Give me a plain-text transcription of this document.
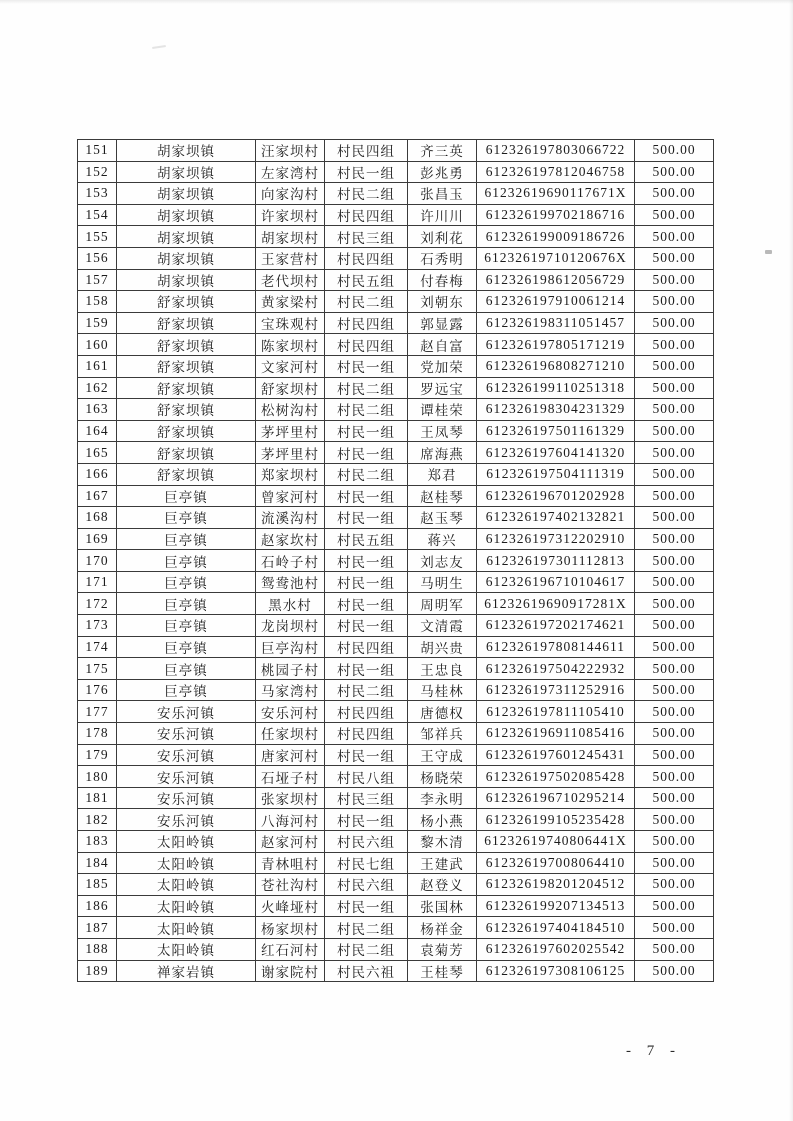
151	胡家坝镇	汪家坝村	村民四组	齐三英	612326197803066722	500.00
152	胡家坝镇	左家湾村	村民一组	彭兆勇	612326197812046758	500.00
153	胡家坝镇	向家沟村	村民二组	张昌玉	61232619690117671X	500.00
154	胡家坝镇	许家坝村	村民四组	许川川	612326199702186716	500.00
155	胡家坝镇	胡家坝村	村民三组	刘利花	612326199009186726	500.00
156	胡家坝镇	王家营村	村民四组	石秀明	61232619710120676X	500.00
157	胡家坝镇	老代坝村	村民五组	付春梅	612326198612056729	500.00
158	舒家坝镇	黄家梁村	村民二组	刘朝东	612326197910061214	500.00
159	舒家坝镇	宝珠观村	村民四组	郭显露	612326198311051457	500.00
160	舒家坝镇	陈家坝村	村民四组	赵自富	612326197805171219	500.00
161	舒家坝镇	文家河村	村民一组	党加荣	612326196808271210	500.00
162	舒家坝镇	舒家坝村	村民二组	罗远宝	612326199110251318	500.00
163	舒家坝镇	松树沟村	村民二组	谭桂荣	612326198304231329	500.00
164	舒家坝镇	茅坪里村	村民一组	王凤琴	612326197501161329	500.00
165	舒家坝镇	茅坪里村	村民一组	席海燕	612326197604141320	500.00
166	舒家坝镇	郑家坝村	村民二组	郑君	612326197504111319	500.00
167	巨亭镇	曾家河村	村民一组	赵桂琴	612326196701202928	500.00
168	巨亭镇	流溪沟村	村民一组	赵玉琴	612326197402132821	500.00
169	巨亭镇	赵家坎村	村民五组	蒋兴	612326197312202910	500.00
170	巨亭镇	石岭子村	村民一组	刘志友	612326197301112813	500.00
171	巨亭镇	鸳鸯池村	村民一组	马明生	612326196710104617	500.00
172	巨亭镇	黑水村	村民一组	周明军	61232619690917281X	500.00
173	巨亭镇	龙岗坝村	村民一组	文清霞	612326197202174621	500.00
174	巨亭镇	巨亭沟村	村民四组	胡兴贵	612326197808144611	500.00
175	巨亭镇	桃园子村	村民一组	王忠良	612326197504222932	500.00
176	巨亭镇	马家湾村	村民二组	马桂林	612326197311252916	500.00
177	安乐河镇	安乐河村	村民四组	唐德权	612326197811105410	500.00
178	安乐河镇	任家坝村	村民四组	邹祥兵	612326196911085416	500.00
179	安乐河镇	唐家河村	村民一组	王守成	612326197601245431	500.00
180	安乐河镇	石垭子村	村民八组	杨晓荣	612326197502085428	500.00
181	安乐河镇	张家坝村	村民三组	李永明	612326196710295214	500.00
182	安乐河镇	八海河村	村民一组	杨小燕	612326199105235428	500.00
183	太阳岭镇	赵家河村	村民六组	黎木清	61232619740806441X	500.00
184	太阳岭镇	青林咀村	村民七组	王建武	612326197008064410	500.00
185	太阳岭镇	苍社沟村	村民六组	赵登义	612326198201204512	500.00
186	太阳岭镇	火峰垭村	村民一组	张国林	612326199207134513	500.00
187	太阳岭镇	杨家坝村	村民二组	杨祥金	612326197404184510	500.00
188	太阳岭镇	红石河村	村民二组	袁菊芳	612326197602025542	500.00
189	禅家岩镇	谢家院村	村民六祖	王桂琴	612326197308106125	500.00
- 7 -
